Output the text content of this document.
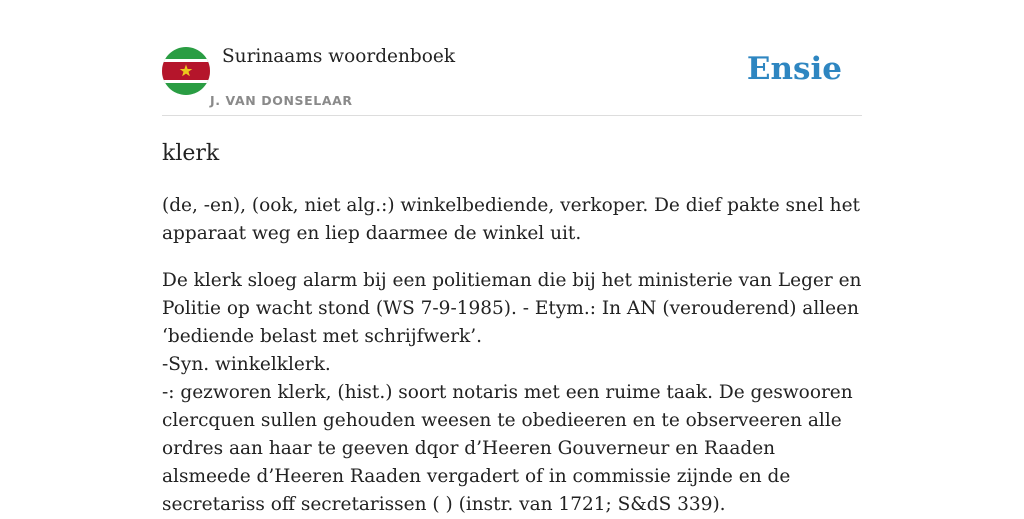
Surinaams woordenboek
J. VAN DONSELAAR
Ensie
klerk

(de, -en), (ook, niet alg.:) winkelbediende, verkoper. De dief pakte snel het apparaat weg en liep daarmee de winkel uit.

De klerk sloeg alarm bij een politieman die bij het ministerie van Leger en Politie op wacht stond (WS 7-9-1985). - Etym.: In AN (verouderend) alleen ‘bediende belast met schrijfwerk’.
-Syn. winkelklerk.
-: gezworen klerk, (hist.) soort notaris met een ruime taak. De geswooren clercquen sullen gehouden weesen te obedieeren en te observeeren alle ordres aan haar te geeven dqor d’Heeren Gouverneur en Raaden alsmeede d’Heeren Raaden vergadert of in commissie zijnde en de secretariss off secretarissen ( ) (instr. van 1721; S&dS 339).
